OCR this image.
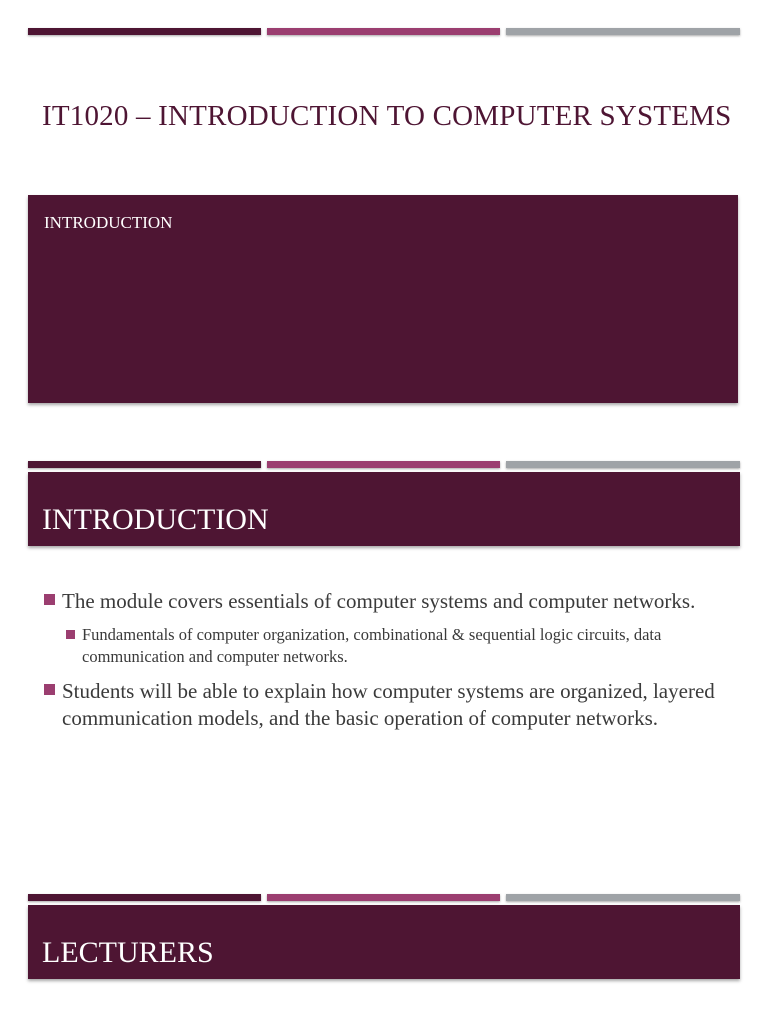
IT1020 – INTRODUCTION TO COMPUTER SYSTEMS
INTRODUCTION
INTRODUCTION
The module covers essentials of computer systems and computer networks.
Fundamentals of computer organization, combinational & sequential logic circuits, data communication and computer networks.
Students will be able to explain how computer systems are organized, layered communication models, and the basic operation of computer networks.
LECTURERS
